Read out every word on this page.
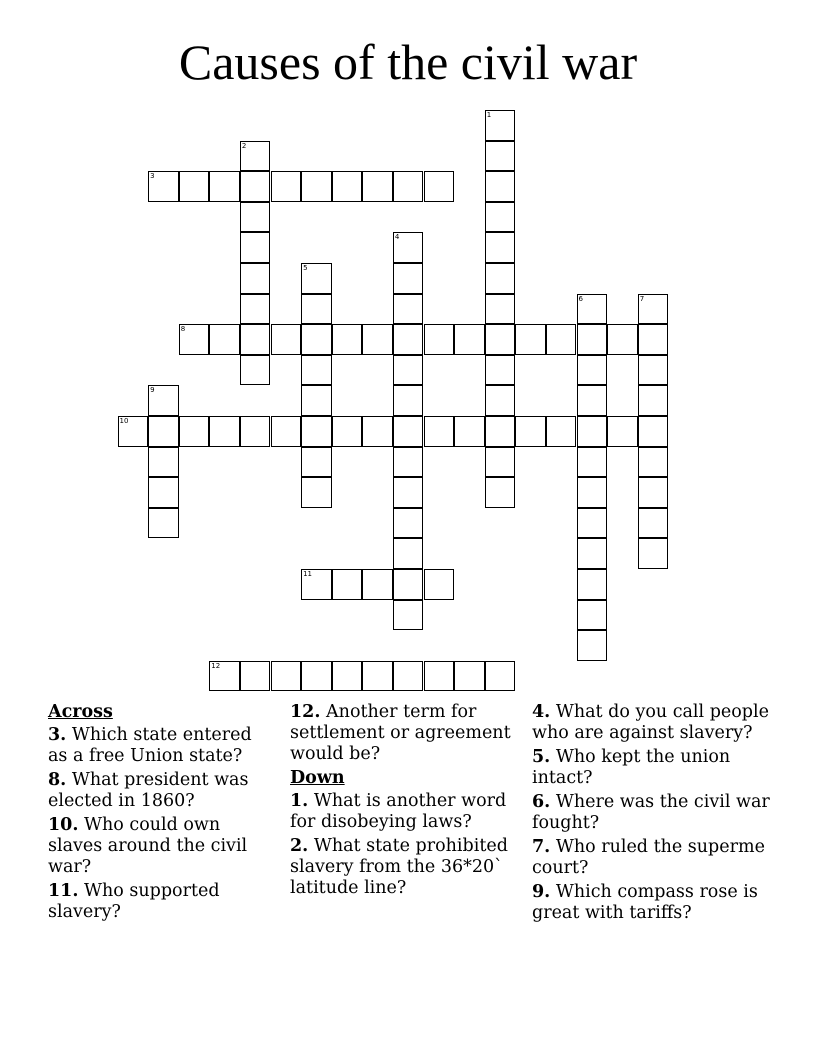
Causes of the civil war
1
2
3
4
5
6	7
8
9
10
11
12
Across
3. Which state entered as a free Union state?
8. What president was elected in 1860?
10. Who could own slaves around the civil war?
11. Who supported slavery?
12. Another term for settlement or agreement would be?
Down
1. What is another word for disobeying laws?
2. What state prohibited slavery from the 36*20` latitude line?
4. What do you call people who are against slavery?
5. Who kept the union intact?
6. Where was the civil war fought?
7. Who ruled the superme court?
9. Which compass rose is great with tariffs?
